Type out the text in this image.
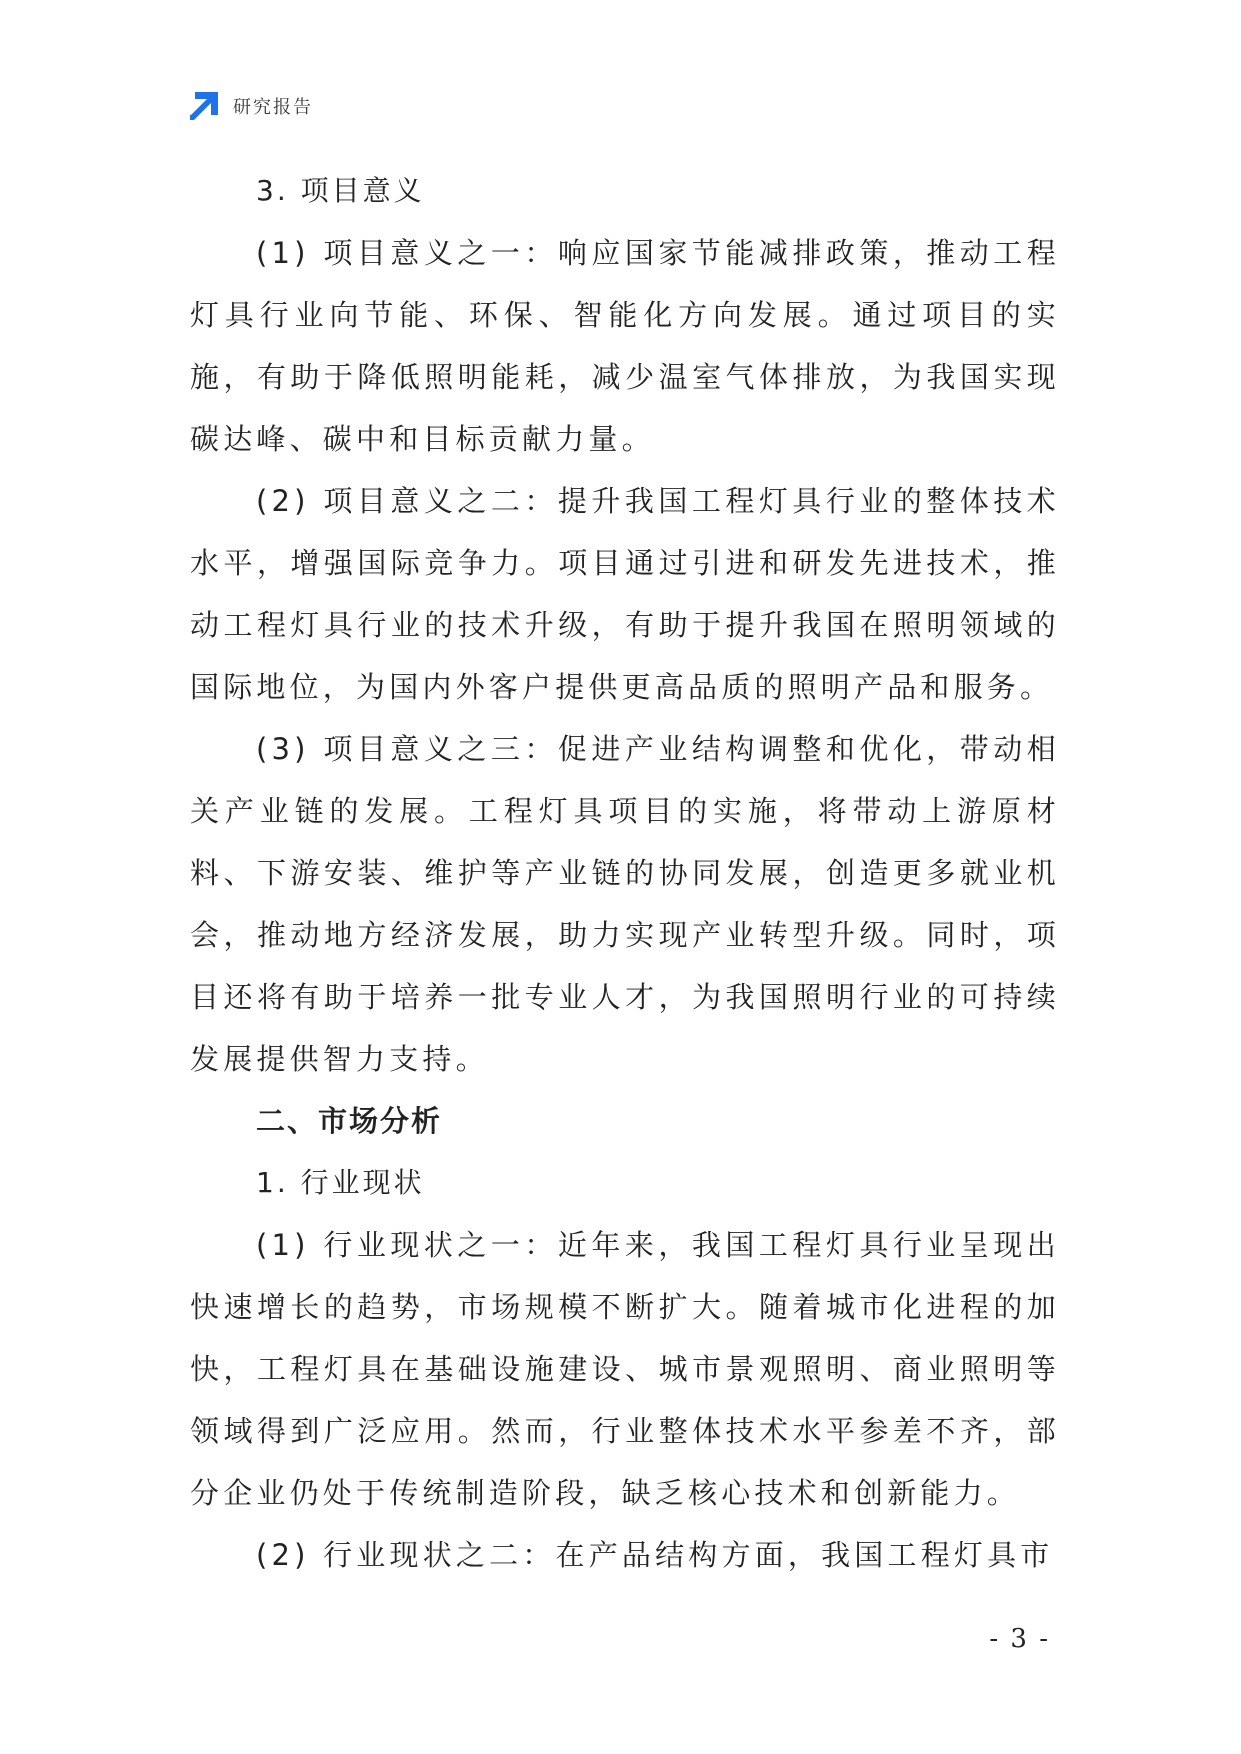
研究报告

3. 项目意义

(1) 项目意义之一：响应国家节能减排政策，推动工程灯具行业向节能、环保、智能化方向发展。通过项目的实施，有助于降低照明能耗，减少温室气体排放，为我国实现碳达峰、碳中和目标贡献力量。

(2) 项目意义之二：提升我国工程灯具行业的整体技术水平，增强国际竞争力。项目通过引进和研发先进技术，推动工程灯具行业的技术升级，有助于提升我国在照明领域的国际地位，为国内外客户提供更高品质的照明产品和服务。

(3) 项目意义之三：促进产业结构调整和优化，带动相关产业链的发展。工程灯具项目的实施，将带动上游原材料、下游安装、维护等产业链的协同发展，创造更多就业机会，推动地方经济发展，助力实现产业转型升级。同时，项目还将有助于培养一批专业人才，为我国照明行业的可持续发展提供智力支持。

二、市场分析

1. 行业现状

(1) 行业现状之一：近年来，我国工程灯具行业呈现出快速增长的趋势，市场规模不断扩大。随着城市化进程的加快，工程灯具在基础设施建设、城市景观照明、商业照明等领域得到广泛应用。然而，行业整体技术水平参差不齐，部分企业仍处于传统制造阶段，缺乏核心技术和创新能力。

(2) 行业现状之二：在产品结构方面，我国工程灯具市

- 3 -
